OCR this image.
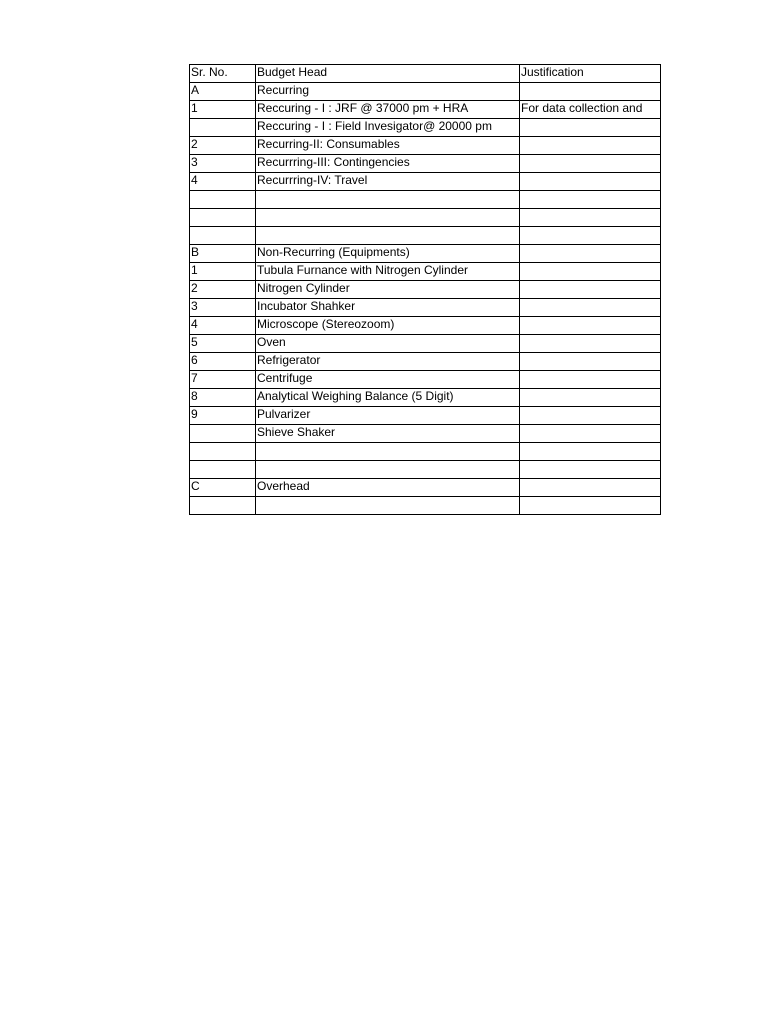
Sr. No.	Budget Head	Justification
A	Recurring	
1	Reccuring - I : JRF @ 37000 pm + HRA	For data collection and
	Reccuring - I : Field Invesigator@ 20000 pm	
2	Recurring-II: Consumables	
3	Recurrring-III: Contingencies	
4	Recurrring-IV: Travel	

B	Non-Recurring (Equipments)	
1	Tubula Furnance with Nitrogen Cylinder	
2	Nitrogen Cylinder	
3	Incubator Shahker	
4	Microscope (Stereozoom)	
5	Oven	
6	Refrigerator	
7	Centrifuge	
8	Analytical Weighing Balance (5 Digit)	
9	Pulvarizer	
	Shieve Shaker	

C	Overhead	
